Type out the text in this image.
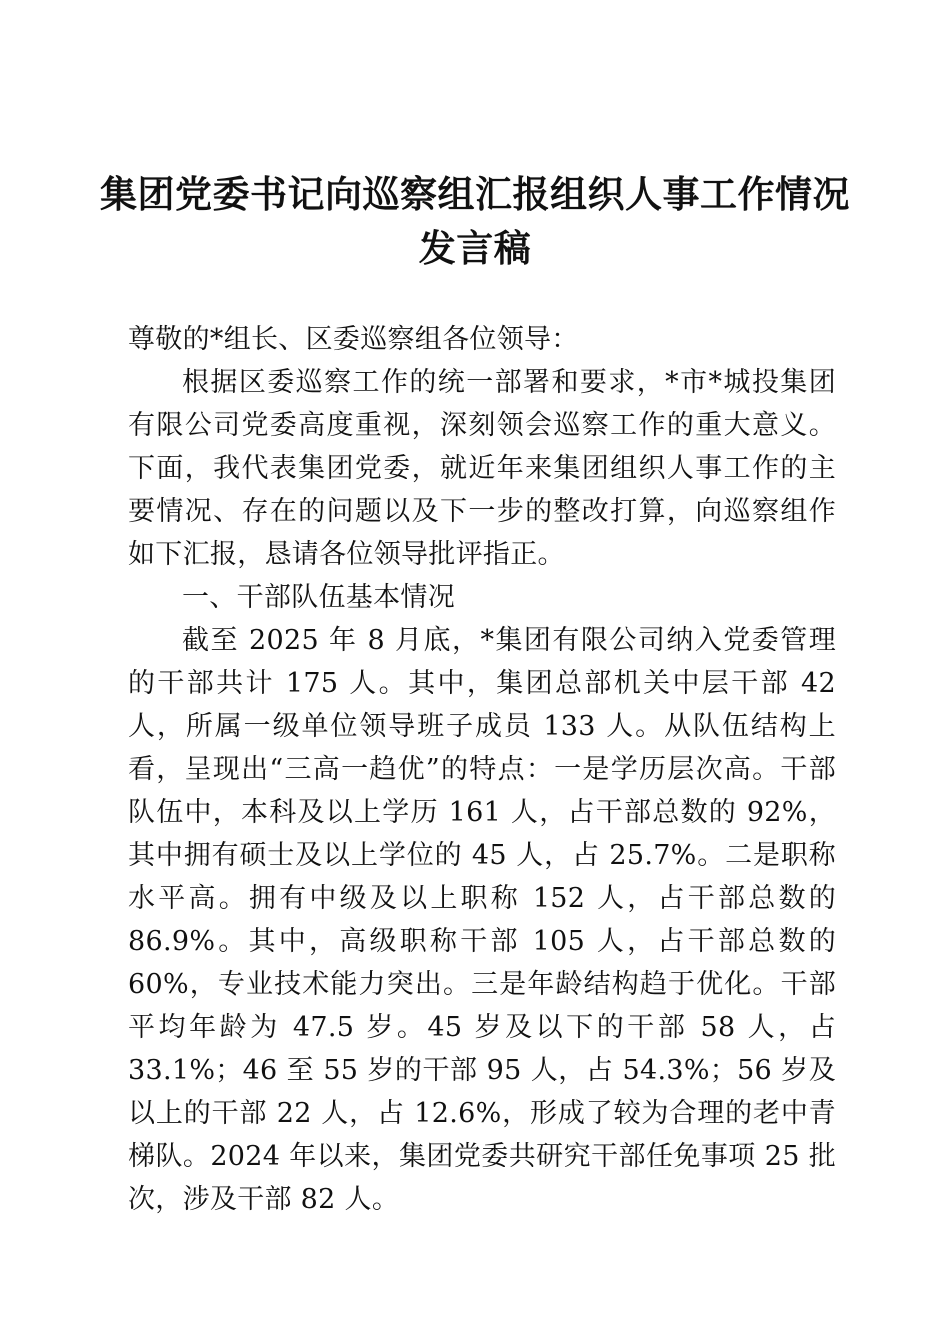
集团党委书记向巡察组汇报组织人事工作情况
发言稿

尊敬的*组长、区委巡察组各位领导：

根据区委巡察工作的统一部署和要求，*市*城投集团有限公司党委高度重视，深刻领会巡察工作的重大意义。下面，我代表集团党委，就近年来集团组织人事工作的主要情况、存在的问题以及下一步的整改打算，向巡察组作如下汇报，恳请各位领导批评指正。

一、干部队伍基本情况

截至 2025 年 8 月底，*集团有限公司纳入党委管理的干部共计 175 人。其中，集团总部机关中层干部 42 人，所属一级单位领导班子成员 133 人。从队伍结构上看，呈现出“三高一趋优”的特点：一是学历层次高。干部队伍中，本科及以上学历 161 人，占干部总数的 92%，其中拥有硕士及以上学位的 45 人，占 25.7%。二是职称水平高。拥有中级及以上职称 152 人，占干部总数的 86.9%。其中，高级职称干部 105 人，占干部总数的 60%，专业技术能力突出。三是年龄结构趋于优化。干部平均年龄为 47.5 岁。45 岁及以下的干部 58 人，占 33.1%；46 至 55 岁的干部 95 人，占 54.3%；56 岁及以上的干部 22 人，占 12.6%，形成了较为合理的老中青梯队。2024 年以来，集团党委共研究干部任免事项 25 批次，涉及干部 82 人。
